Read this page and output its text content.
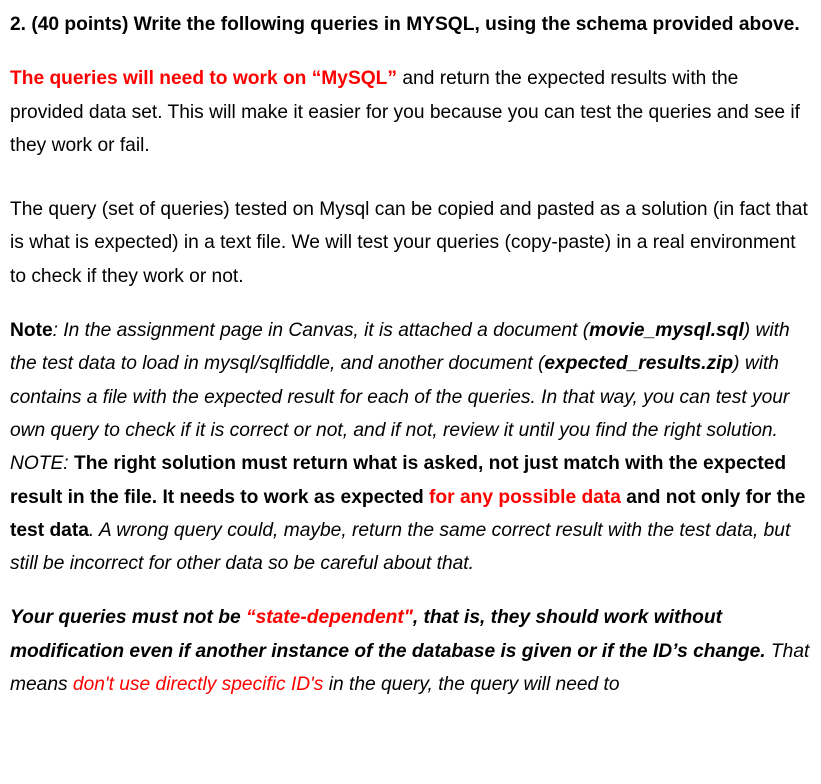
2. (40 points) Write the following queries in MYSQL, using the schema provided above.

The queries will need to work on “MySQL” and return the expected results with the provided data set. This will make it easier for you because you can test the queries and see if they work or fail.

The query (set of queries) tested on Mysql can be copied and pasted as a solution (in fact that is what is expected) in a text file. We will test your queries (copy-paste) in a real environment to check if they work or not.

Note: In the assignment page in Canvas, it is attached a document (movie_mysql.sql) with the test data to load in mysql/sqlfiddle, and another document (expected_results.zip) with contains a file with the expected result for each of the queries. In that way, you can test your own query to check if it is correct or not, and if not, review it until you find the right solution. NOTE: The right solution must return what is asked, not just match with the expected result in the file. It needs to work as expected for any possible data and not only for the test data. A wrong query could, maybe, return the same correct result with the test data, but still be incorrect for other data so be careful about that.

Your queries must not be “state-dependent", that is, they should work without modification even if another instance of the database is given or if the ID’s change. That means don't use directly specific ID's in the query, the query will need to
